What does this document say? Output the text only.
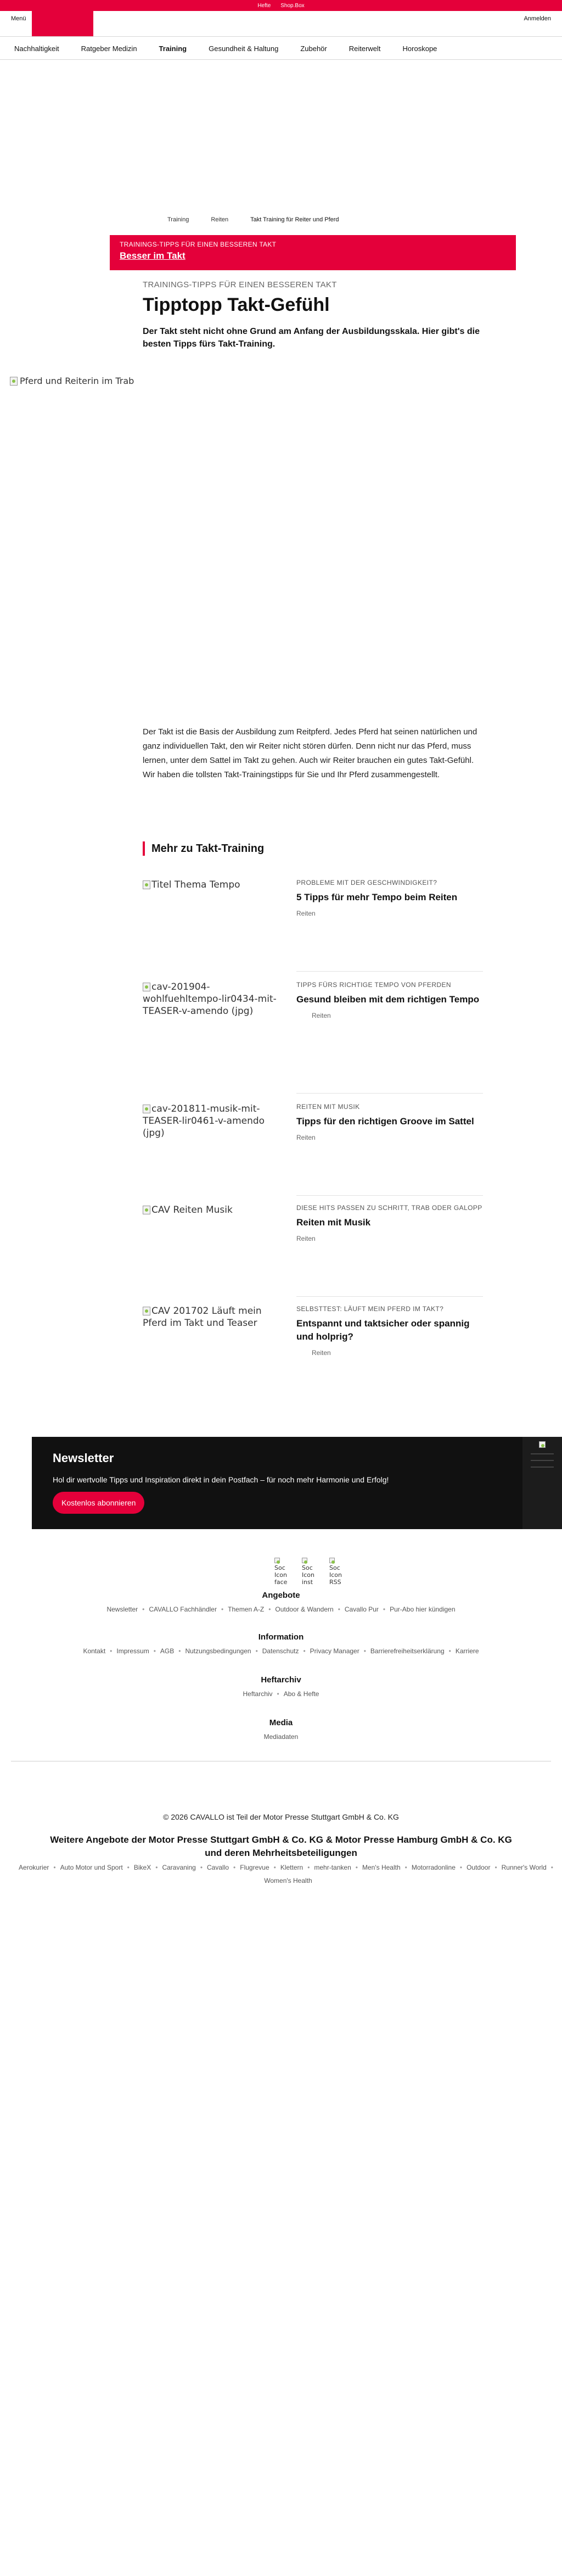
Hefte Shop.Box
Menü	Anmelden
Nachhaltigkeit	Ratgeber Medizin	Training	Gesundheit & Haltung	Zubehör	Reiterwelt	Horoskope
Training	Reiten	Takt Training für Reiter und Pferd
TRAININGS-TIPPS FÜR EINEN BESSEREN TAKT
Besser im Takt
TRAININGS-TIPPS FÜR EINEN BESSEREN TAKT
Tipptopp Takt-Gefühl

Der Takt steht nicht ohne Grund am Anfang der Ausbildungsskala. Hier gibt's die besten Tipps fürs Takt-Training.

Pferd und Reiterin im Trab

Der Takt ist die Basis der Ausbildung zum Reitpferd. Jedes Pferd hat seinen natürlichen und ganz individuellen Takt, den wir Reiter nicht stören dürfen. Denn nicht nur das Pferd, muss lernen, unter dem Sattel im Takt zu gehen. Auch wir Reiter brauchen ein gutes Takt-Gefühl. Wir haben die tollsten Takt-Trainingstipps für Sie und Ihr Pferd zusammengestellt.

Mehr zu Takt-Training
Titel Thema Tempo	PROBLEME MIT DER GESCHWINDIGKEIT?
5 Tipps für mehr Tempo beim Reiten
Reiten
cav-201904-wohlfuehltempo-lir0434-mit-TEASER-v-amendo (jpg)
TIPPS FÜRS RICHTIGE TEMPO VON PFERDEN
Gesund bleiben mit dem richtigen Tempo
Reiten
cav-201811-musik-mit-TEASER-lir0461-v-amendo (jpg)
REITEN MIT MUSIK
Tipps für den richtigen Groove im Sattel
Reiten
CAV Reiten Musik	DIESE HITS PASSEN ZU SCHRITT, TRAB ODER GALOPP
Reiten mit Musik
Reiten
CAV 201702 Läuft mein Pferd im Takt und Teaser
SELBSTTEST: LÄUFT MEIN PFERD IM TAKT?
Entspannt und taktsicher oder spannig und holprig?
Reiten
Newsletter

Hol dir wertvolle Tipps und Inspiration direkt in dein Postfach – für noch mehr Harmonie und Erfolg!

Kostenlos abonnieren
Soc
Icon
face
Soc
Icon
inst
Soc
Icon
RSS
Angebote
Newsletter • CAVALLO Fachhändler • Themen A-Z • Outdoor & Wandern • Cavallo Pur • Pur-Abo hier kündigen
Information
Kontakt • Impressum • AGB • Nutzungsbedingungen • Datenschutz • Privacy Manager • Barrierefreiheitserklärung • Karriere
Heftarchiv
Heftarchiv • Abo & Hefte
Media
Mediadaten
© 2026 CAVALLO ist Teil der Motor Presse Stuttgart GmbH & Co. KG
Weitere Angebote der Motor Presse Stuttgart GmbH & Co. KG & Motor Presse Hamburg GmbH & Co. KG und deren Mehrheitsbeteiligungen
Aerokurier • Auto Motor und Sport • BikeX • Caravaning • Cavallo • Flugrevue • Klettern • mehr-tanken • Men's Health • Motorradonline • Outdoor • Runner's World •
Women's Health
